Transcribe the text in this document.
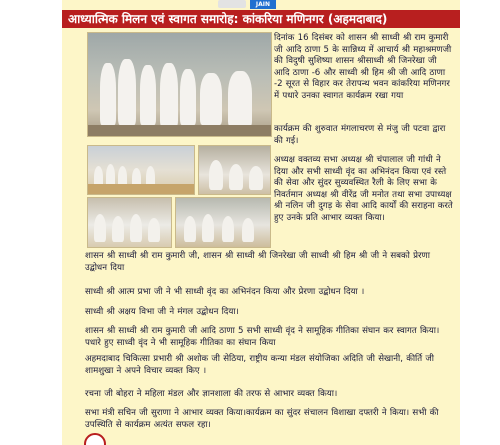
JAIN
आध्यात्मिक मिलन एवं स्वागत समारोह: कांकरिया मणिनगर (अहमदाबाद)

दिनांक 16 दिसंबर को शासन श्री साध्वी श्री राम कुमारी जी आदि ठाणा 5 के सान्निध्य में आचार्य श्री महाश्रमणजी की विदुषी सुशिष्या शासन श्रीसाध्वी श्री जिनरेखा जी आदि ठाणा -6 और साध्वी श्री हिम श्री जी आदि ठाणा -2 सूरत से विहार कर तेरापन्थ भवन कांकरिया मणिनगर में पधारे उनका स्वागत कार्यक्रम रखा गया

कार्यक्रम की शुरुवात मंगलाचरण से मंजु जी पटवा द्वारा की गई।

अध्यक्ष वक्तव्य सभा अध्यक्ष श्री चंपालाल जी गांधी ने दिया और सभी साध्वी वृंद का अभिनंदन किया एवं रस्ते की सेवा और सुंदर सुव्यवस्थित रैली के लिए सभा के निवर्तमान अध्यक्ष श्री वीरेंद्र जी मनोत तथा सभा उपाध्यक्ष श्री नलिन जी दुगड़ के सेवा आदि कार्यों की सराहना करते हुए उनके प्रति आभार व्यक्त किया।

शासन श्री साध्वी श्री राम कुमारी जी, शासन श्री साध्वी श्री जिनरेखा जी साध्वी श्री हिम श्री जी ने सबको प्रेरणा उद्बोधन दिया

साध्वी श्री आत्म प्रभा जी ने भी साध्वी वृंद का अभिनंदन किया और प्रेरणा उद्बोधन दिया ।

साध्वी श्री अक्षय विभा जी ने मंगल उद्बोधन दिया।

शासन श्री साध्वी श्री राम कुमारी जी आदि ठाणा 5 सभी साध्वी वृंद ने सामूहिक गीतिका संघान कर स्वागत किया। पधारे हुए साध्वी वृंद ने भी सामूहिक गीतिका का संघान किया

अहमदाबाद चिकित्सा प्रभारी श्री अशोक जी सेठिया, राष्ट्रीय कन्या मंडल संयोजिका अदिति जी सेखानी, कीर्ति जी शामशुखा ने अपने विचार व्यक्त किए ।

रचना जी बोहरा ने महिला मंडल और ज्ञानशाला की तरफ से आभार व्यक्त किया।

सभा मंत्री सचिन जी सुराणा ने आभार व्यक्त किया।कार्यक्रम का सुंदर संचालन विशाखा दफ्तरी ने किया। सभी की उपस्थिति से कार्यक्रम अत्यंत सफल रहा।
